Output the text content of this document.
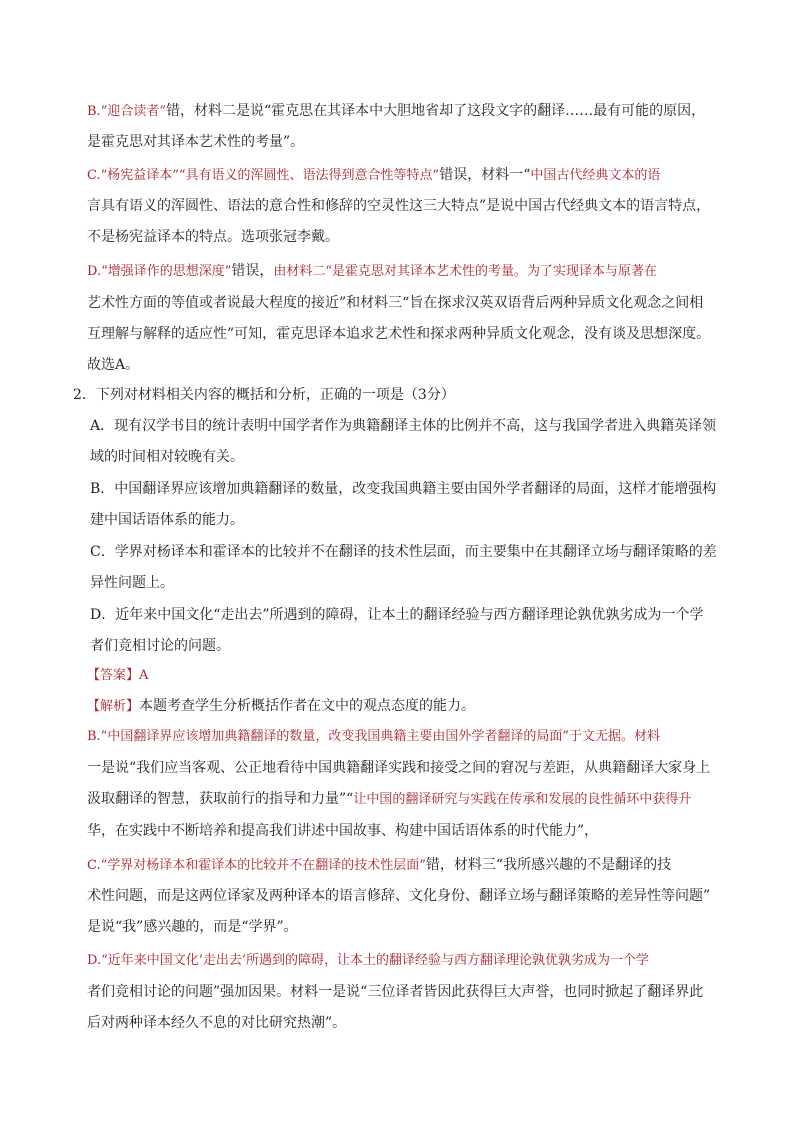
B.“迎合读者”错，材料二是说“霍克思在其译本中大胆地省却了这段文字的翻译……最有可能的原因，
是霍克思对其译本艺术性的考量”。
C.“杨宪益译本”“具有语义的浑圆性、语法得到意合性等特点”错误，材料一“中国古代经典文本的语
言具有语义的浑圆性、语法的意合性和修辞的空灵性这三大特点”是说中国古代经典文本的语言特点，
不是杨宪益译本的特点。选项张冠李戴。
D.“增强译作的思想深度”错误，由材料二“是霍克思对其译本艺术性的考量。为了实现译本与原著在
艺术性方面的等值或者说最大程度的接近”和材料三“旨在探求汉英双语背后两种异质文化观念之间相
互理解与解释的适应性”可知，霍克思译本追求艺术性和探求两种异质文化观念，没有谈及思想深度。
故选A。
2．下列对材料相关内容的概括和分析，正确的一项是（3分）
A．现有汉学书目的统计表明中国学者作为典籍翻译主体的比例并不高，这与我国学者进入典籍英译领
域的时间相对较晚有关。
B．中国翻译界应该增加典籍翻译的数量，改变我国典籍主要由国外学者翻译的局面，这样才能增强构
建中国话语体系的能力。
C．学界对杨译本和霍译本的比较并不在翻译的技术性层面，而主要集中在其翻译立场与翻译策略的差
异性问题上。
D．近年来中国文化“走出去”所遇到的障碍，让本土的翻译经验与西方翻译理论孰优孰劣成为一个学
者们竞相讨论的问题。
【答案】A
【解析】本题考查学生分析概括作者在文中的观点态度的能力。
B.“中国翻译界应该增加典籍翻译的数量，改变我国典籍主要由国外学者翻译的局面”于文无据。材料
一是说“我们应当客观、公正地看待中国典籍翻译实践和接受之间的窘况与差距，从典籍翻译大家身上
汲取翻译的智慧，获取前行的指导和力量”“让中国的翻译研究与实践在传承和发展的良性循环中获得升
华，在实践中不断培养和提高我们讲述中国故事、构建中国话语体系的时代能力”，
C.“学界对杨译本和霍译本的比较并不在翻译的技术性层面”错，材料三“我所感兴趣的不是翻译的技
术性问题，而是这两位译家及两种译本的语言修辞、文化身份、翻译立场与翻译策略的差异性等问题”
是说“我”感兴趣的，而是“学界”。
D.“近年来中国文化‘走出去’所遇到的障碍，让本土的翻译经验与西方翻译理论孰优孰劣成为一个学
者们竞相讨论的问题”强加因果。材料一是说“三位译者皆因此获得巨大声誉，也同时掀起了翻译界此
后对两种译本经久不息的对比研究热潮”。
